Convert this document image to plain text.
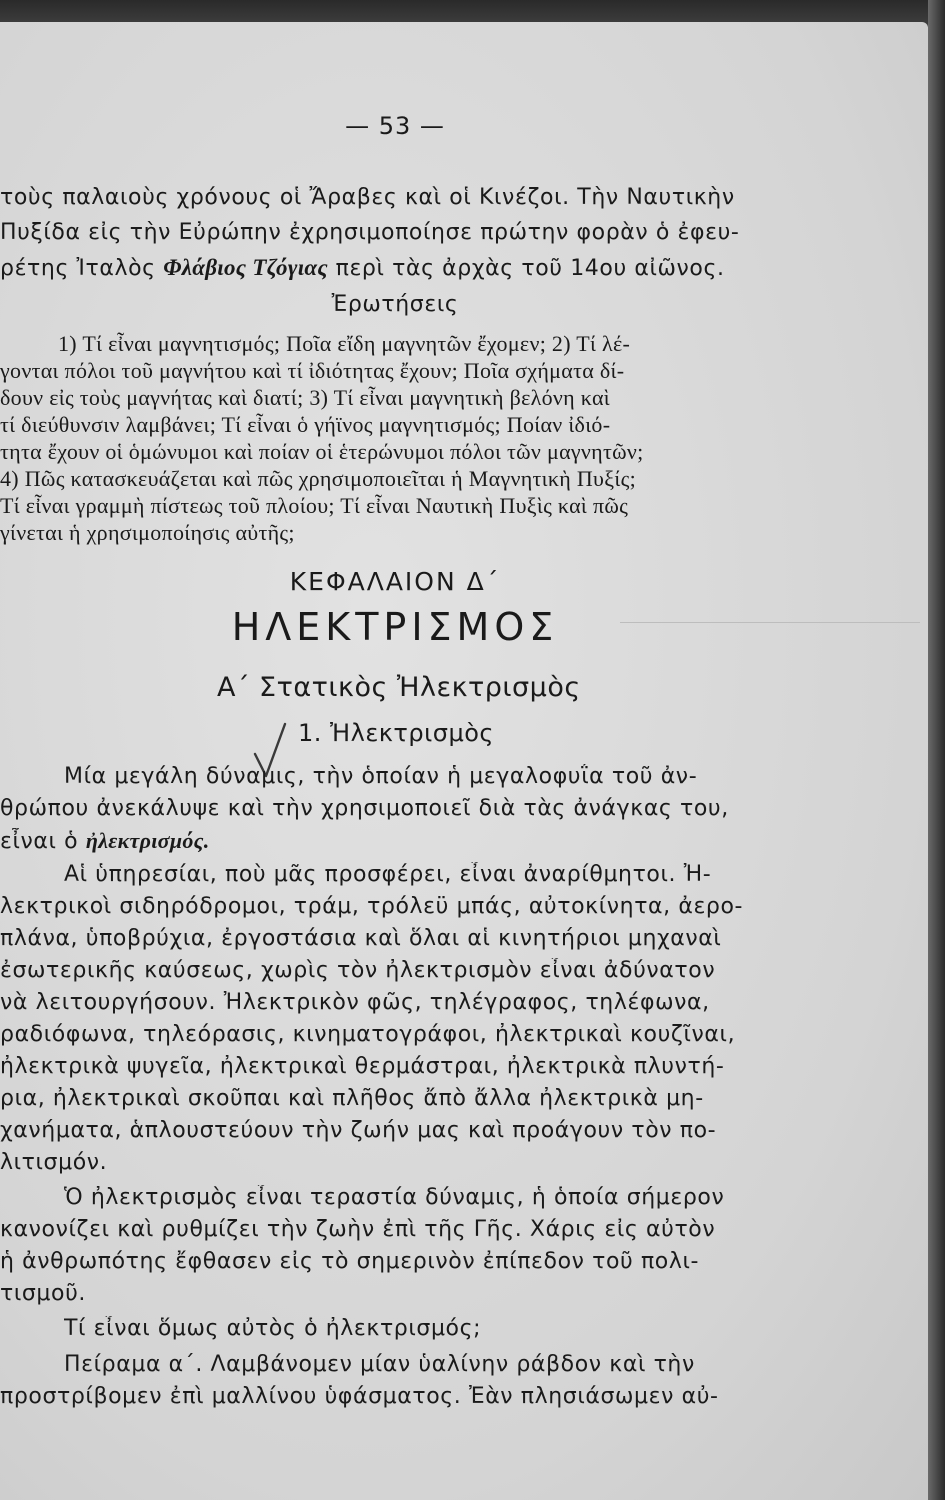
— 53 —
τοὺς παλαιοὺς χρόνους οἱ Ἄραβες καὶ οἱ Κινέζοι. Τὴν Ναυτικὴν
Πυξίδα εἰς τὴν Εὐρώπην ἐχρησιμοποίησε πρώτην φορὰν ὁ ἐφευ-
ρέτης Ἰταλὸς Φλάβιος Τζόγιας περὶ τὰς ἀρχὰς τοῦ 14ου αἰῶνος.
Ἐρωτήσεις
1) Τί εἶναι μαγνητισμός; Ποῖα εἴδη μαγνητῶν ἔχομεν; 2) Τί λέ-
γονται πόλοι τοῦ μαγνήτου καὶ τί ἰδιότητας ἔχουν; Ποῖα σχήματα δί-
δουν εἰς τοὺς μαγνήτας καὶ διατί; 3) Τί εἶναι μαγνητικὴ βελόνη καὶ
τί διεύθυνσιν λαμβάνει; Τί εἶναι ὁ γήϊνος μαγνητισμός; Ποίαν ἰδιό-
τητα ἔχουν οἱ ὁμώνυμοι καὶ ποίαν οἱ ἑτερώνυμοι πόλοι τῶν μαγνητῶν;
4) Πῶς κατασκευάζεται καὶ πῶς χρησιμοποιεῖται ἡ Μαγνητικὴ Πυξίς;
Τί εἶναι γραμμὴ πίστεως τοῦ πλοίου; Τί εἶναι Ναυτικὴ Πυξὶς καὶ πῶς
γίνεται ἡ χρησιμοποίησις αὐτῆς;
ΚΕΦΑΛΑΙΟΝ Δ΄
ΗΛΕΚΤΡΙΣΜΟΣ
Α΄ Στατικὸς Ἠλεκτρισμὸς
1. Ἠλεκτρισμὸς
Μία μεγάλη δύναμις, τὴν ὁποίαν ἡ μεγαλοφυΐα τοῦ ἀν-
θρώπου ἀνεκάλυψε καὶ τὴν χρησιμοποιεῖ διὰ τὰς ἀνάγκας του,
εἶναι ὁ ἠλεκτρισμός.
Αἱ ὑπηρεσίαι, ποὺ μᾶς προσφέρει, εἶναι ἀναρίθμητοι. Ἠ-
λεκτρικοὶ σιδηρόδρομοι, τράμ, τρόλεϋ μπάς, αὐτοκίνητα, ἀερο-
πλάνα, ὑποβρύχια, ἐργοστάσια καὶ ὅλαι αἱ κινητήριοι μηχαναὶ
ἐσωτερικῆς καύσεως, χωρὶς τὸν ἠλεκτρισμὸν εἶναι ἀδύνατον
νὰ λειτουργήσουν. Ἠλεκτρικὸν φῶς, τηλέγραφος, τηλέφωνα,
ραδιόφωνα, τηλεόρασις, κινηματογράφοι, ἠλεκτρικαὶ κουζῖναι,
ἠλεκτρικὰ ψυγεῖα, ἠλεκτρικαὶ θερμάστραι, ἠλεκτρικὰ πλυντή-
ρια, ἠλεκτρικαὶ σκοῦπαι καὶ πλῆθος ἄπὸ ἄλλα ἠλεκτρικὰ μη-
χανήματα, ἁπλουστεύουν τὴν ζωήν μας καὶ προάγουν τὸν πο-
λιτισμόν.
Ὁ ἠλεκτρισμὸς εἶναι τεραστία δύναμις, ἡ ὁποία σήμερον
κανονίζει καὶ ρυθμίζει τὴν ζωὴν ἐπὶ τῆς Γῆς. Χάρις εἰς αὐτὸν
ἡ ἀνθρωπότης ἔφθασεν εἰς τὸ σημερινὸν ἐπίπεδον τοῦ πολι-
τισμοῦ.
Τί εἶναι ὅμως αὐτὸς ὁ ἠλεκτρισμός;
Πείραμα α΄. Λαμβάνομεν μίαν ὑαλίνην ράβδον καὶ τὴν
προστρίβομεν ἐπὶ μαλλίνου ὑφάσματος. Ἐὰν πλησιάσωμεν αὐ-
